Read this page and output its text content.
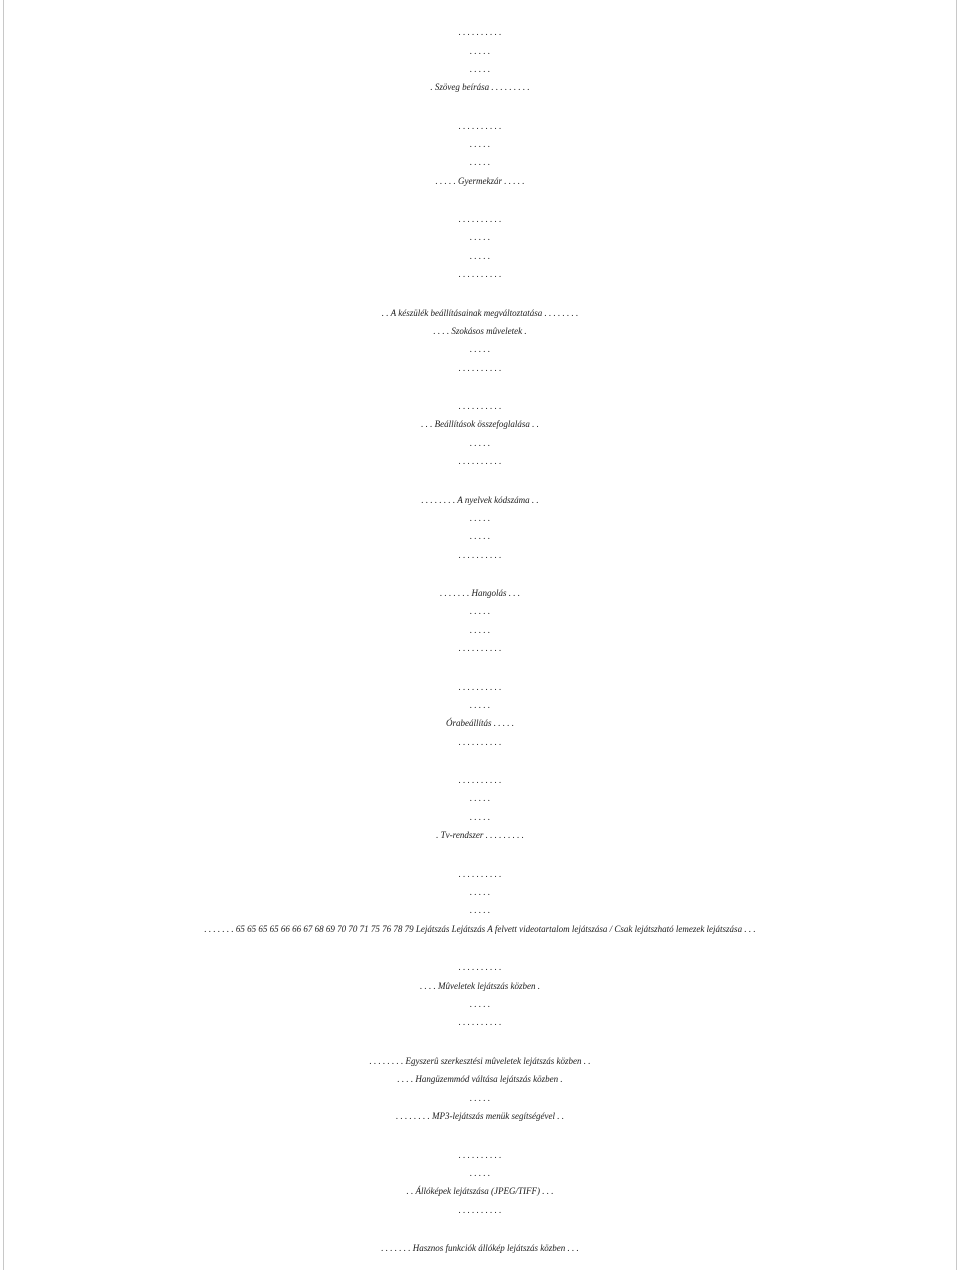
. . . . . . . . . .
. . . . .
. . . . .
. Szöveg beírása . . . . . . . . .
. . . . . . . . . .
. . . . .
. . . . .
. . . . . Gyermekzár . . . . .
. . . . . . . . . .
. . . . .
. . . . .
. . . . . . . . . .
. . A készülék beállításainak megváltoztatása . . . . . . . .
. . . . Szokásos mûveletek .
. . . . .
. . . . . . . . . .
. . . . . . . . . .
. . . Beállítások összefoglalása . .
. . . . .
. . . . . . . . . .
. . . . . . . . A nyelvek kódszáma . .
. . . . .
. . . . .
. . . . . . . . . .
. . . . . . . Hangolás . . .
. . . . .
. . . . .
. . . . . . . . . .
. . . . . . . . . .
. . . . .
Órabeállítás . . . . .
. . . . . . . . . .
. . . . . . . . . .
. . . . .
. . . . .
. Tv-rendszer . . . . . . . . .
. . . . . . . . . .
. . . . .
. . . . .
. . . . . . . 65 65 65 65 66 66 67 68 69 70 70 71 75 76 78 79 Lejátszás Lejátszás A felvett videotartalom lejátszása / Csak lejátszható lemezek lejátszása . . .
. . . . . . . . . .
. . . . Mûveletek lejátszás közben .
. . . . .
. . . . . . . . . .
. . . . . . . . Egyszerû szerkesztési mûveletek lejátszás közben . .
. . . . Hangüzemmód váltása lejátszás közben .
. . . . .
. . . . . . . . MP3-lejátszás menük segítségével . .
. . . . . . . . . .
. . . . .
. . Állóképek lejátszása (JPEG/TIFF) . . .
. . . . . . . . . .
. . . . . . . Hasznos funkciók állókép lejátszás közben . . .
